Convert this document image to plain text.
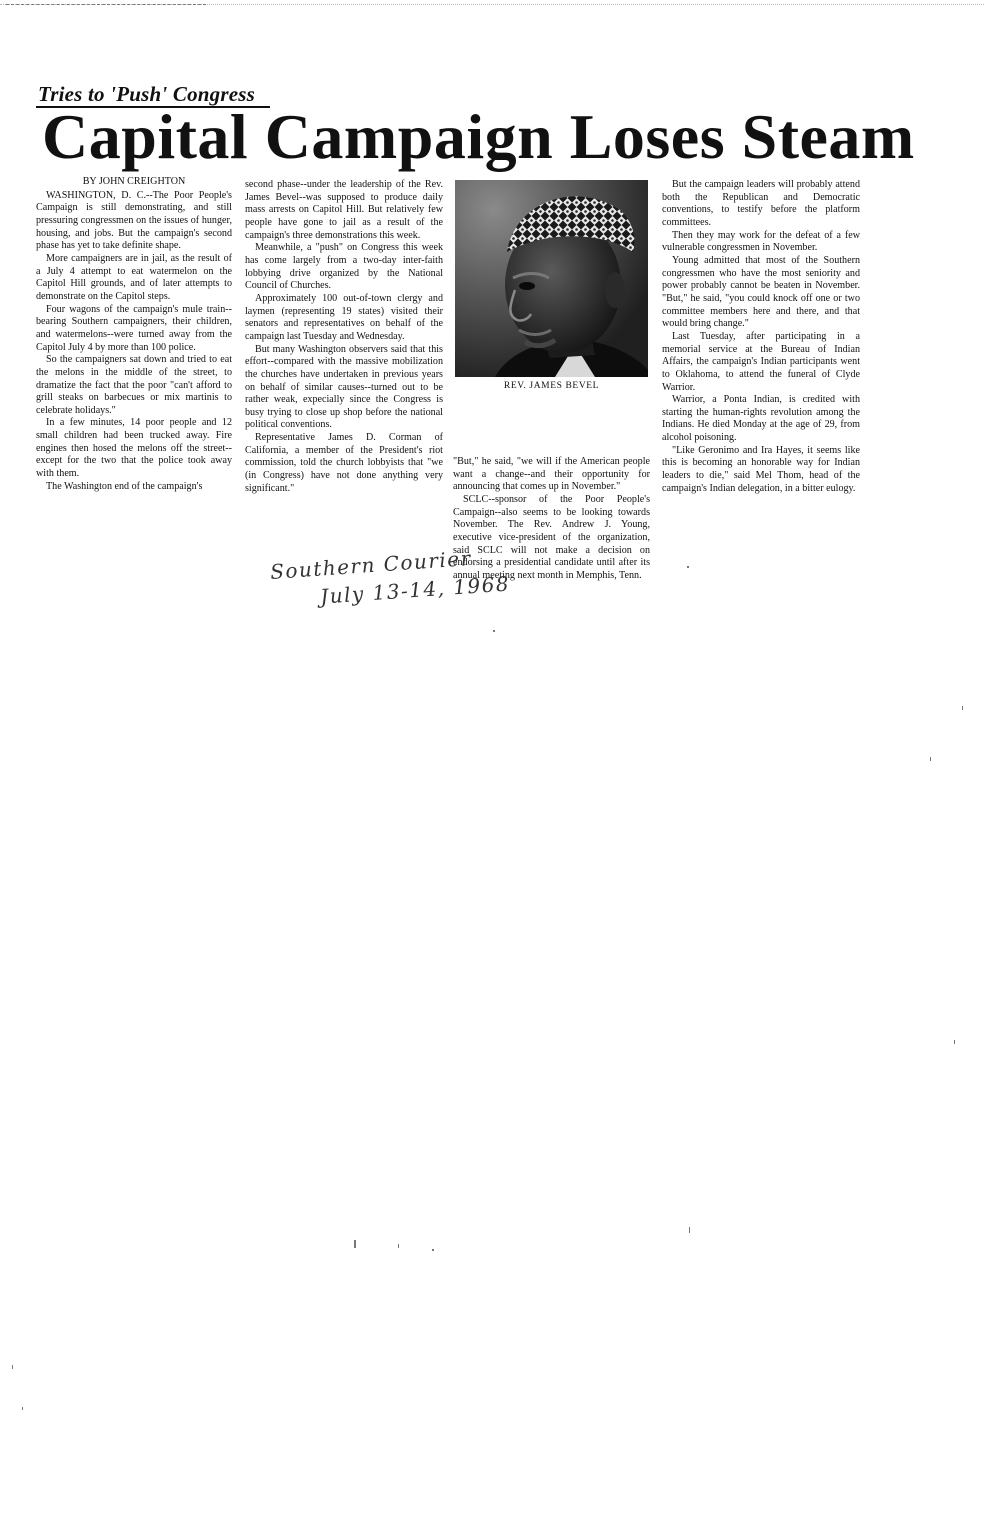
Tries to 'Push' Congress
Capital Campaign Loses Steam

BY JOHN CREIGHTON

WASHINGTON, D. C.--The Poor People's Campaign is still demonstrating, and still pressuring congressmen on the issues of hunger, housing, and jobs. But the campaign's second phase has yet to take definite shape.

More campaigners are in jail, as the result of a July 4 attempt to eat watermelon on the Capitol Hill grounds, and of later attempts to demonstrate on the Capitol steps.

Four wagons of the campaign's mule train--bearing Southern campaigners, their children, and watermelons--were turned away from the Capitol July 4 by more than 100 police.

So the campaigners sat down and tried to eat the melons in the middle of the street, to dramatize the fact that the poor "can't afford to grill steaks on barbecues or mix martinis to celebrate holidays."

In a few minutes, 14 poor people and 12 small children had been trucked away. Fire engines then hosed the melons off the street--except for the two that the police took away with them.

The Washington end of the campaign's

second phase--under the leadership of the Rev. James Bevel--was supposed to produce daily mass arrests on Capitol Hill. But relatively few people have gone to jail as a result of the campaign's three demonstrations this week.

Meanwhile, a "push" on Congress this week has come largely from a two-day inter-faith lobbying drive organized by the National Council of Churches.

Approximately 100 out-of-town clergy and laymen (representing 19 states) visited their senators and representatives on behalf of the campaign last Tuesday and Wednesday.

But many Washington observers said that this effort--compared with the massive mobilization the churches have undertaken in previous years on behalf of similar causes--turned out to be rather weak, expecially since the Congress is busy trying to close up shop before the national political conventions.

Representative James D. Corman of California, a member of the President's riot commission, told the church lobbyists that "we (in Congress) have not done anything very significant."

REV. JAMES BEVEL

"But," he said, "we will if the American people want a change--and their opportunity for announcing that comes up in November."

SCLC--sponsor of the Poor People's Campaign--also seems to be looking towards November. The Rev. Andrew J. Young, executive vice-president of the organization, said SCLC will not make a decision on endorsing a presidential candidate until after its annual meeting next month in Memphis, Tenn.

But the campaign leaders will probably attend both the Republican and Democratic conventions, to testify before the platform committees.

Then they may work for the defeat of a few vulnerable congressmen in November.

Young admitted that most of the Southern congressmen who have the most seniority and power probably cannot be beaten in November. "But," he said, "you could knock off one or two committee members here and there, and that would bring change."

Last Tuesday, after participating in a memorial service at the Bureau of Indian Affairs, the campaign's Indian participants went to Oklahoma, to attend the funeral of Clyde Warrior.

Warrior, a Ponta Indian, is credited with starting the human-rights revolution among the Indians. He died Monday at the age of 29, from alcohol poisoning.

"Like Geronimo and Ira Hayes, it seems like this is becoming an honorable way for Indian leaders to die," said Mel Thom, head of the campaign's Indian delegation, in a bitter eulogy.

Southern Courier
July 13-14, 1968
